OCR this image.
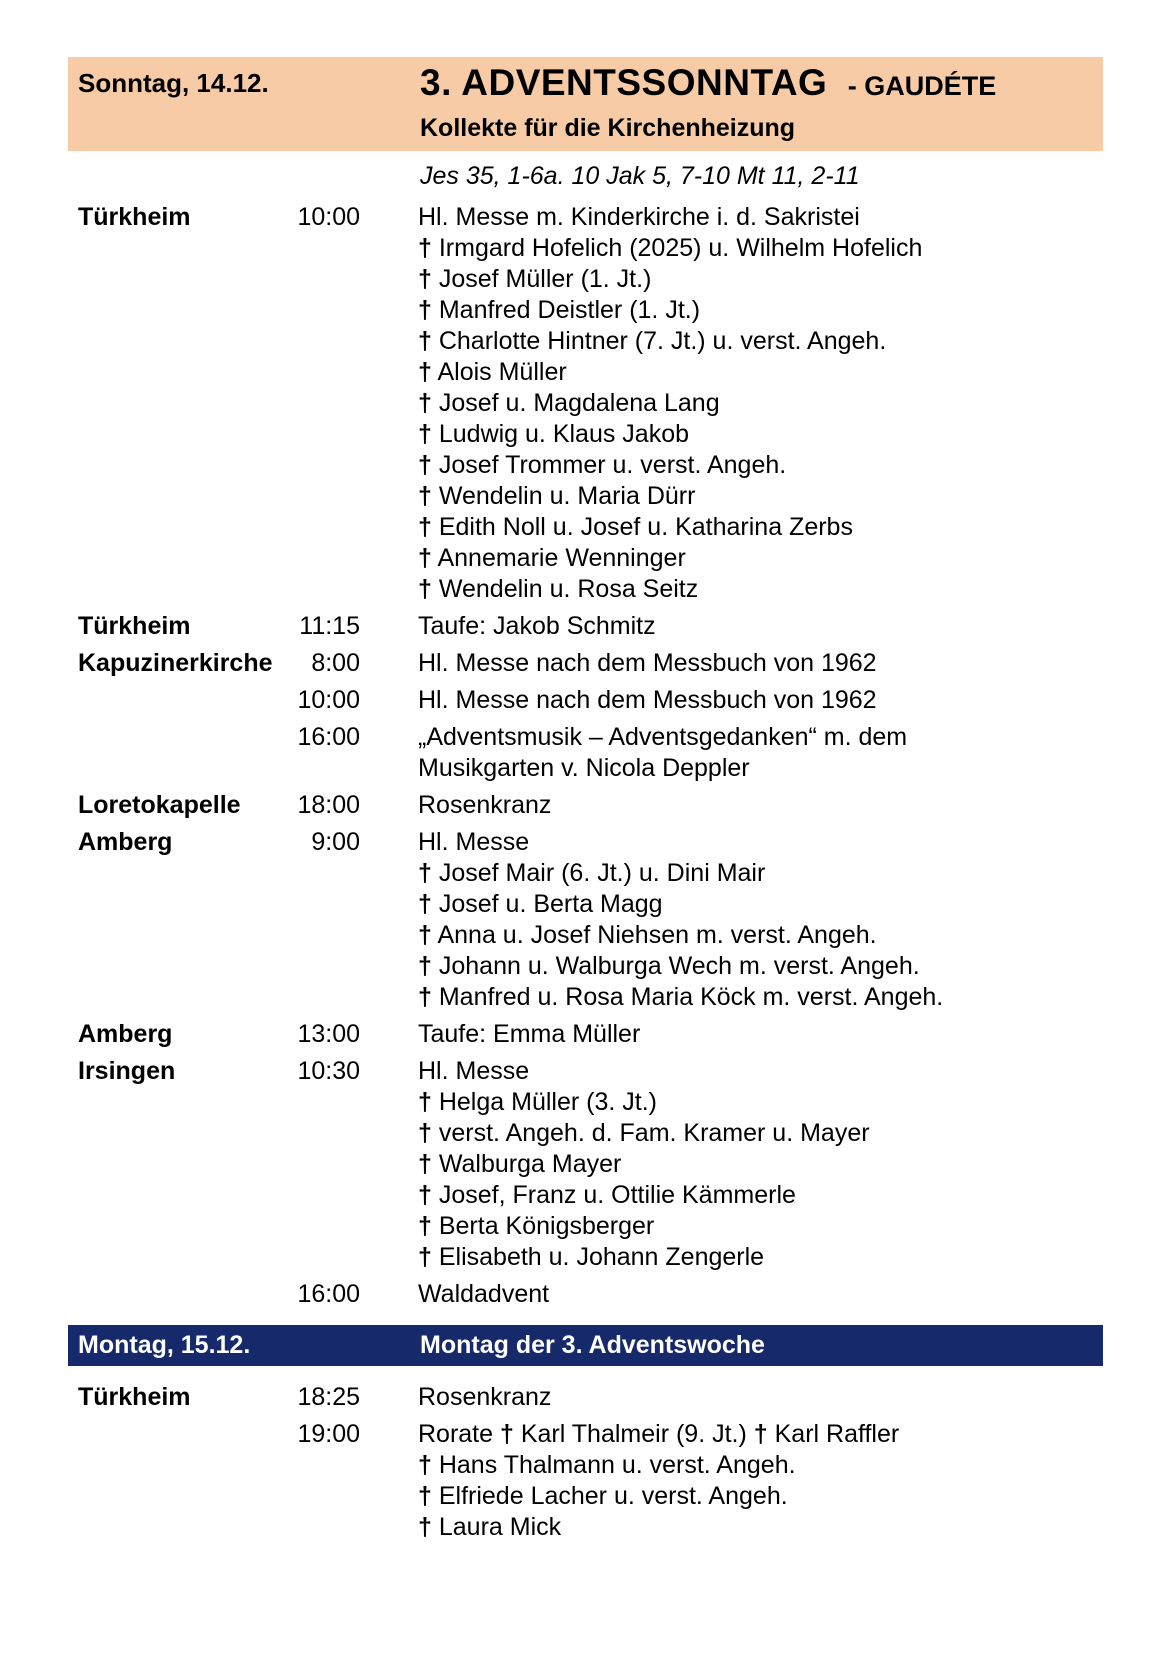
Sonntag, 14.12.	3. ADVENTSSONNTAG - GAUDÉTE
Kollekte für die Kirchenheizung
Jes 35, 1-6a. 10 Jak 5, 7-10 Mt 11, 2-11
Türkheim	10:00 Hl. Messe m. Kinderkirche i. d. Sakristei
† Irmgard Hofelich (2025) u. Wilhelm Hofelich
† Josef Müller (1. Jt.)
† Manfred Deistler (1. Jt.)
† Charlotte Hintner (7. Jt.) u. verst. Angeh.
† Alois Müller
† Josef u. Magdalena Lang
† Ludwig u. Klaus Jakob
† Josef Trommer u. verst. Angeh.
† Wendelin u. Maria Dürr
† Edith Noll u. Josef u. Katharina Zerbs
† Annemarie Wenninger
† Wendelin u. Rosa Seitz
Türkheim	11:15 Taufe: Jakob Schmitz
Kapuzinerkirche	8:00 Hl. Messe nach dem Messbuch von 1962
10:00 Hl. Messe nach dem Messbuch von 1962
16:00 „Adventsmusik – Adventsgedanken“ m. dem
Musikgarten v. Nicola Deppler
Loretokapelle	18:00 Rosenkranz
Amberg	9:00 Hl. Messe
† Josef Mair (6. Jt.) u. Dini Mair
† Josef u. Berta Magg
† Anna u. Josef Niehsen m. verst. Angeh.
† Johann u. Walburga Wech m. verst. Angeh.
† Manfred u. Rosa Maria Köck m. verst. Angeh.
Amberg	13:00 Taufe: Emma Müller
Irsingen	10:30 Hl. Messe
† Helga Müller (3. Jt.)
† verst. Angeh. d. Fam. Kramer u. Mayer
† Walburga Mayer
† Josef, Franz u. Ottilie Kämmerle
† Berta Königsberger
† Elisabeth u. Johann Zengerle
16:00 Waldadvent
Montag, 15.12.	Montag der 3. Adventswoche
Türkheim	18:25 Rosenkranz
19:00 Rorate † Karl Thalmeir (9. Jt.) † Karl Raffler
† Hans Thalmann u. verst. Angeh.
† Elfriede Lacher u. verst. Angeh.
† Laura Mick
